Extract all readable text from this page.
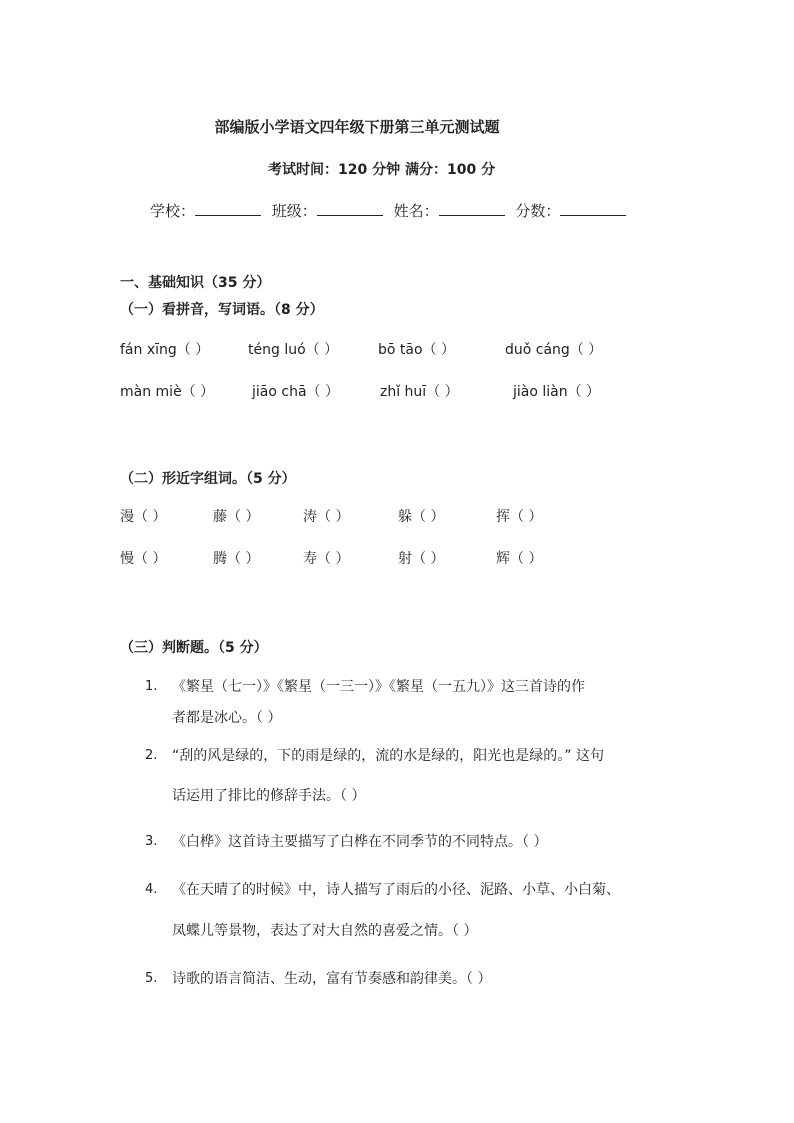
部编版小学语文四年级下册第三单元测试题
考试时间：120 分钟 满分：100 分
学校：	班级：	姓名：	分数：
一、基础知识（35 分）
（一）看拼音，写词语。（8 分）
fán xīng（ ）	téng luó（ ）	bō tāo（ ）	duǒ cáng（ ）
màn miè（ ）	jiāo chā（ ）	zhǐ huī（ ）	jiào liàn（ ）
（二）形近字组词。（5 分）
漫（ ）	藤（ ）	涛（ ）	躲（ ）	挥（ ）
慢（ ）	腾（ ）	寿（ ）	射（ ）	辉（ ）
（三）判断题。（5 分）
1. 《繁星（七一）》《繁星（一三一）》《繁星（一五九）》这三首诗的作
者都是冰心。（ ）
2. “刮的风是绿的，下的雨是绿的，流的水是绿的，阳光也是绿的。” 这句
话运用了排比的修辞手法。（ ）
3. 《白桦》这首诗主要描写了白桦在不同季节的不同特点。（ ）
4. 《在天晴了的时候》中，诗人描写了雨后的小径、泥路、小草、小白菊、
凤蝶儿等景物，表达了对大自然的喜爱之情。（ ）
5. 诗歌的语言简洁、生动，富有节奏感和韵律美。（ ）
